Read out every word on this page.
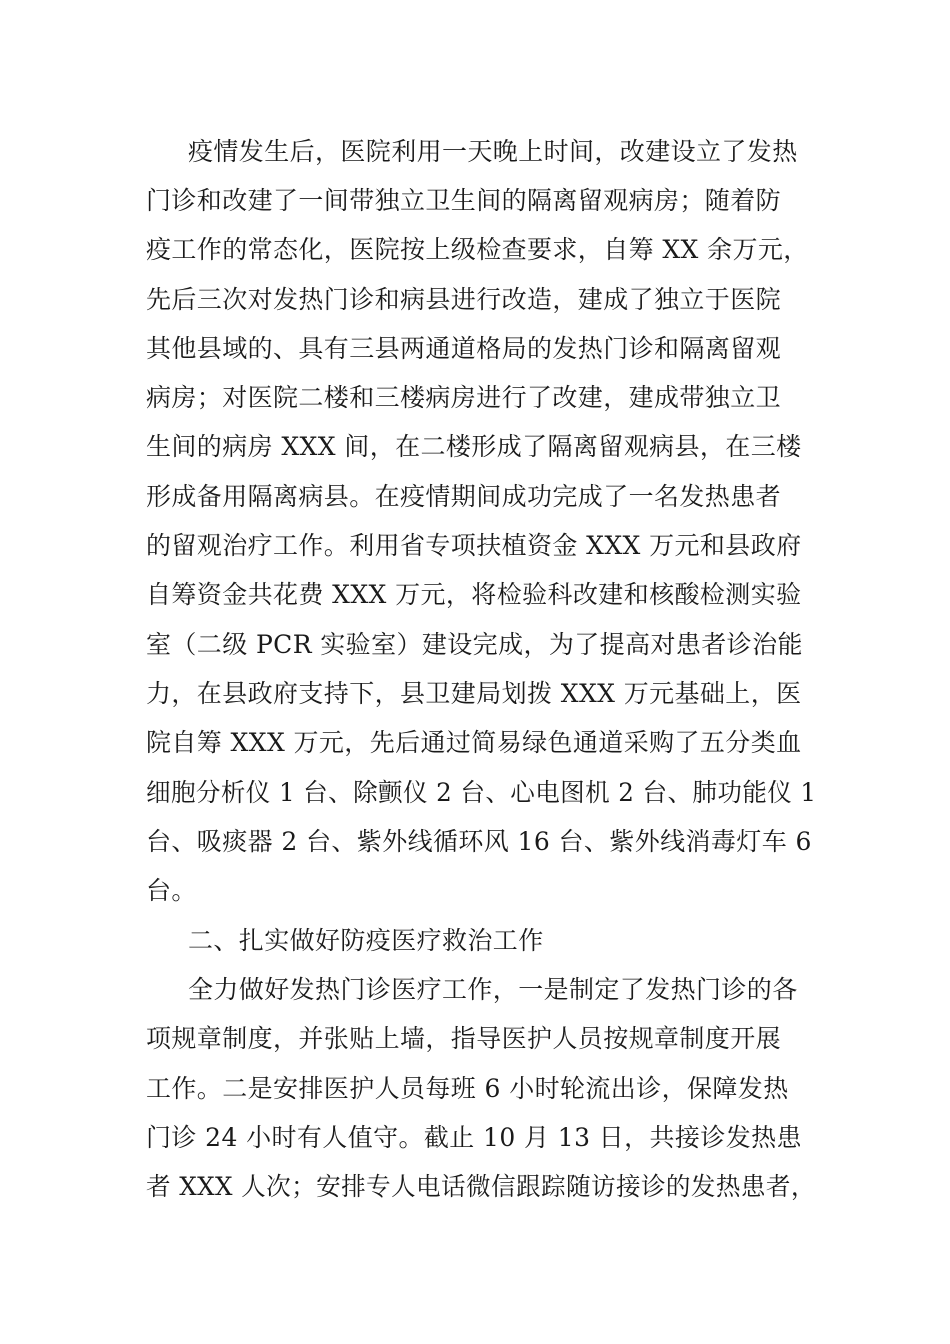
疫情发生后，医院利用一天晚上时间，改建设立了发热
门诊和改建了一间带独立卫生间的隔离留观病房；随着防
疫工作的常态化，医院按上级检查要求，自筹 XX 余万元，
先后三次对发热门诊和病县进行改造，建成了独立于医院
其他县域的、具有三县两通道格局的发热门诊和隔离留观
病房；对医院二楼和三楼病房进行了改建，建成带独立卫
生间的病房 XXX 间，在二楼形成了隔离留观病县，在三楼
形成备用隔离病县。在疫情期间成功完成了一名发热患者
的留观治疗工作。利用省专项扶植资金 XXX 万元和县政府
自筹资金共花费 XXX 万元，将检验科改建和核酸检测实验
室（二级 PCR 实验室）建设完成，为了提高对患者诊治能
力，在县政府支持下，县卫建局划拨 XXX 万元基础上，医
院自筹 XXX 万元，先后通过简易绿色通道采购了五分类血
细胞分析仪 1 台、除颤仪 2 台、心电图机 2 台、肺功能仪 1
台、吸痰器 2 台、紫外线循环风 16 台、紫外线消毒灯车 6
台。
二、扎实做好防疫医疗救治工作
全力做好发热门诊医疗工作，一是制定了发热门诊的各
项规章制度，并张贴上墙，指导医护人员按规章制度开展
工作。二是安排医护人员每班 6 小时轮流出诊，保障发热
门诊 24 小时有人值守。截止 10 月 13 日，共接诊发热患
者 XXX 人次；安排专人电话微信跟踪随访接诊的发热患者，
